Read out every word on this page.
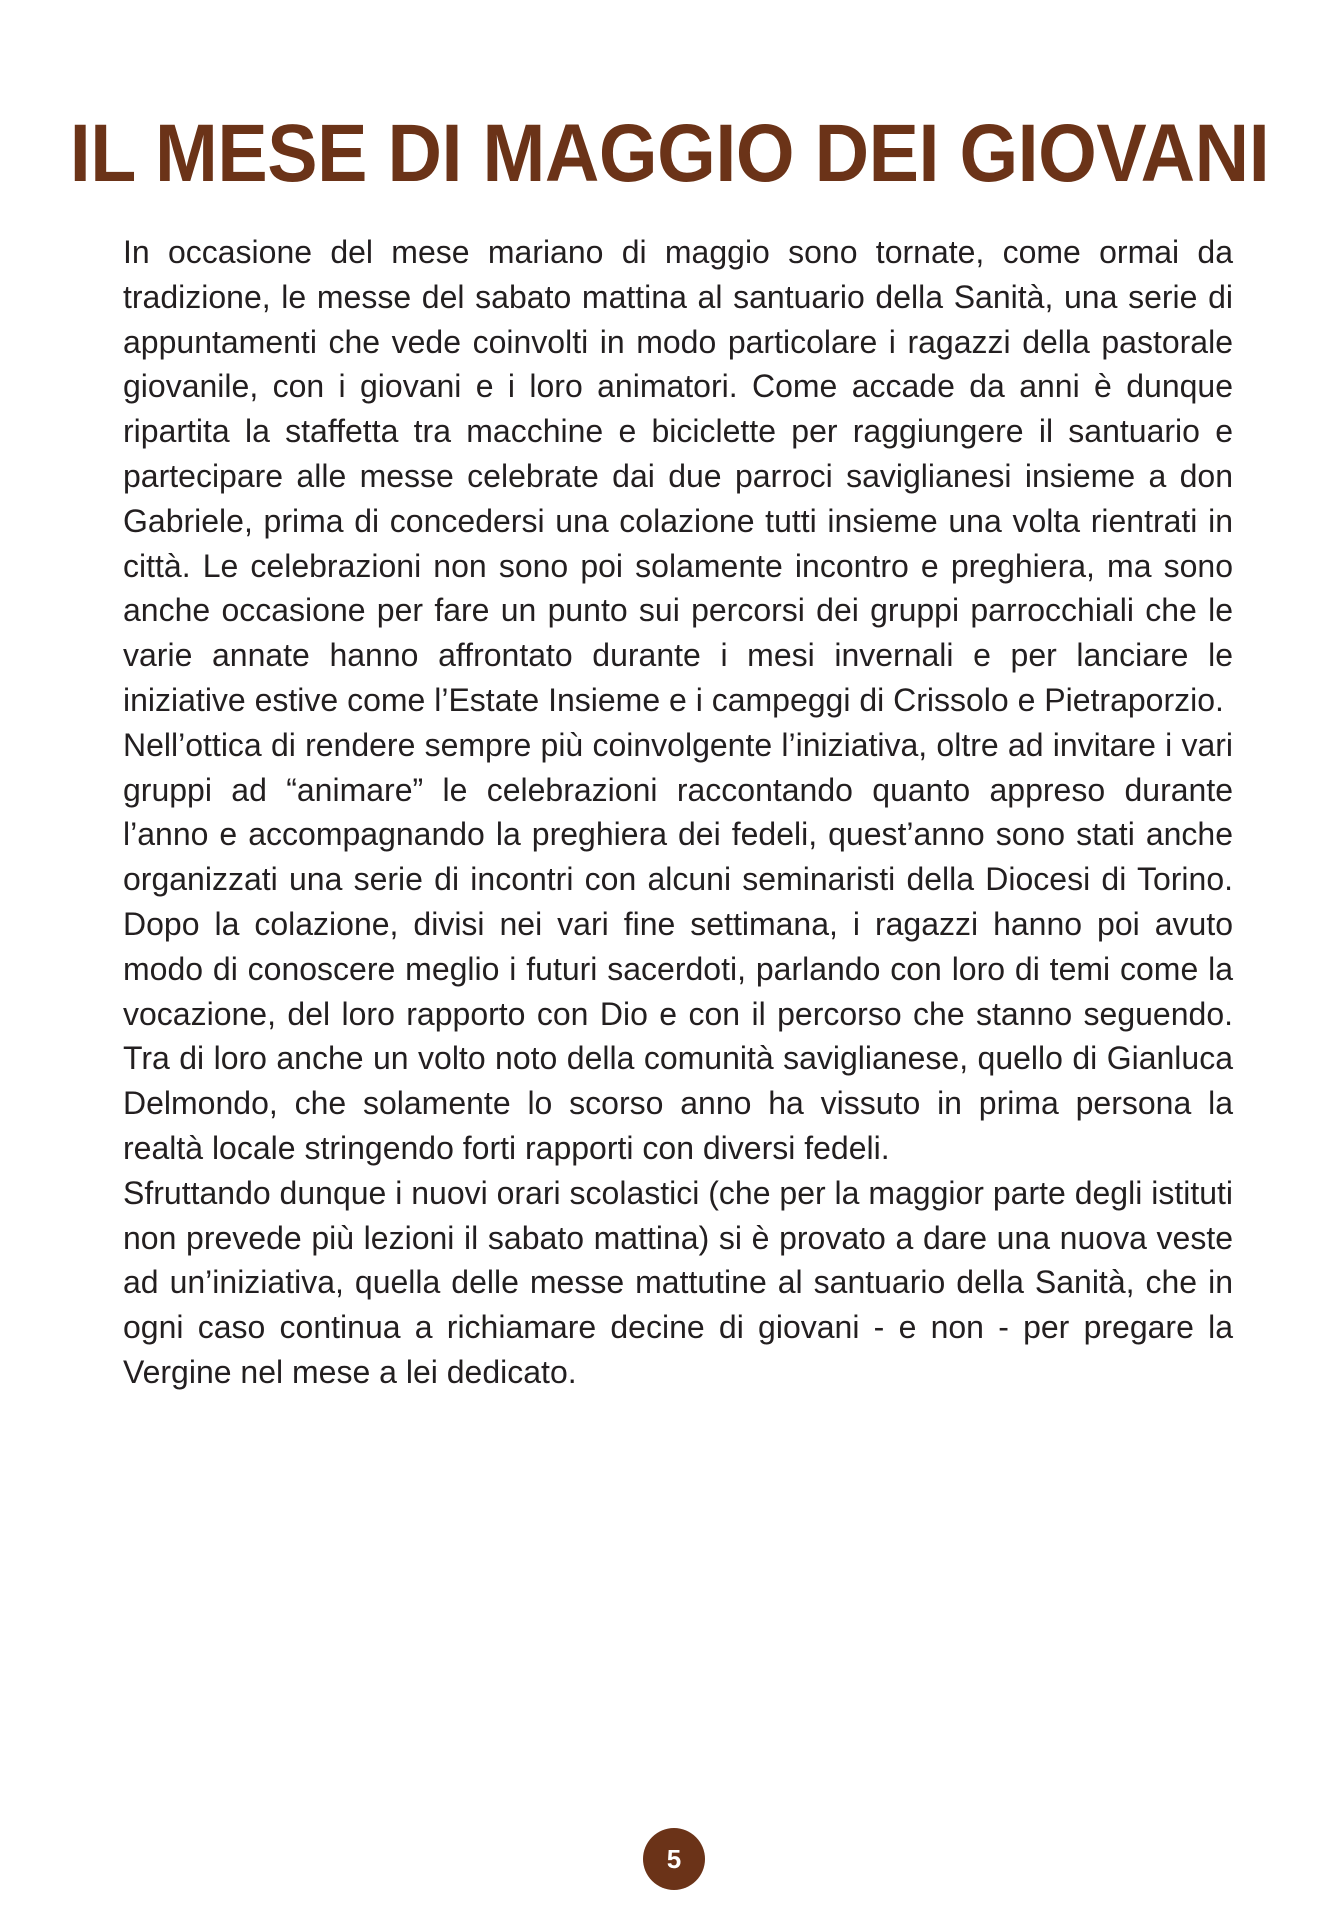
IL MESE DI MAGGIO DEI GIOVANI

In occasione del mese mariano di maggio sono tornate, come ormai da tradizione, le messe del sabato mattina al santuario della Sanità, una serie di appuntamenti che vede coinvolti in modo particolare i ragazzi della pastorale giovanile, con i giovani e i loro animatori. Come accade da anni è dunque ripartita la staffetta tra macchine e biciclette per raggiungere il santuario e partecipare alle messe celebrate dai due parroci saviglianesi insieme a don Gabriele, prima di concedersi una colazione tutti insieme una volta rientrati in città. Le celebrazioni non sono poi solamente incontro e preghiera, ma sono anche occasione per fare un punto sui percorsi dei gruppi parrocchiali che le varie annate hanno affrontato durante i mesi invernali e per lanciare le iniziative estive come l’Estate Insieme e i campeggi di Crissolo e Pietraporzio.

Nell’ottica di rendere sempre più coinvolgente l’iniziativa, oltre ad invitare i vari gruppi ad “animare” le celebrazioni raccontando quanto appreso durante l’anno e accompagnando la preghiera dei fedeli, quest’anno sono stati anche organizzati una serie di incontri con alcuni seminaristi della Diocesi di Torino. Dopo la colazione, divisi nei vari fine settimana, i ragazzi hanno poi avuto modo di conoscere meglio i futuri sacerdoti, parlando con loro di temi come la vocazione, del loro rapporto con Dio e con il percorso che stanno seguendo. Tra di loro anche un volto noto della comunità saviglianese, quello di Gianluca Delmondo, che solamente lo scorso anno ha vissuto in prima persona la realtà locale stringendo forti rapporti con diversi fedeli.

Sfruttando dunque i nuovi orari scolastici (che per la maggior parte degli istituti non prevede più lezioni il sabato mattina) si è provato a dare una nuova veste ad un’iniziativa, quella delle messe mattutine al santuario della Sanità, che in ogni caso continua a richiamare decine di giovani - e non - per pregare la Vergine nel mese a lei dedicato.

5
